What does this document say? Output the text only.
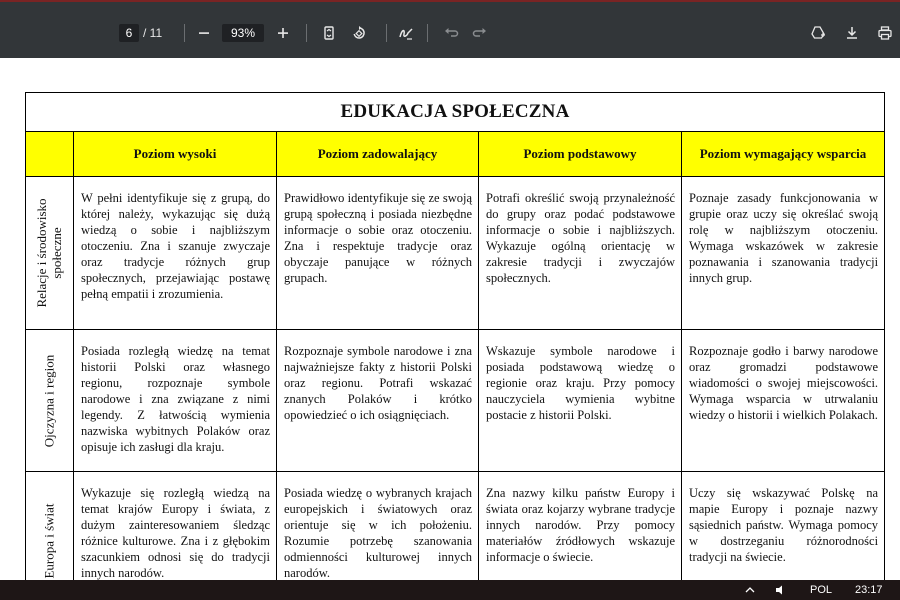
6 / 11	93%
EDUKACJA SPOŁECZNA				
	Poziom wysoki	Poziom zadowalający	Poziom podstawowy	Poziom wymagający wsparcia

Relacje i środowisko społeczne	W pełni identyfikuje się z grupą, do której należy, wykazując się dużą wiedzą o sobie i najbliższym otoczeniu. Zna i szanuje zwyczaje oraz tradycje różnych grup społecznych, przejawiając postawę pełną empatii i zrozumienia.	Prawidłowo identyfikuje się ze swoją grupą społeczną i posiada niezbędne informacje o sobie oraz otoczeniu. Zna i respektuje tradycje oraz obyczaje panujące w różnych grupach.	Potrafi określić swoją przynależność do grupy oraz podać podstawowe informacje o sobie i najbliższych. Wykazuje ogólną orientację w zakresie tradycji i zwyczajów społecznych.	Poznaje zasady funkcjonowania w grupie oraz uczy się określać swoją rolę w najbliższym otoczeniu. Wymaga wskazówek w zakresie poznawania i szanowania tradycji innych grup.

Ojczyzna i region	Posiada rozległą wiedzę na temat historii Polski oraz własnego regionu, rozpoznaje symbole narodowe i zna związane z nimi legendy. Z łatwością wymienia nazwiska wybitnych Polaków oraz opisuje ich zasługi dla kraju.	Rozpoznaje symbole narodowe i zna najważniejsze fakty z historii Polski oraz regionu. Potrafi wskazać znanych Polaków i krótko opowiedzieć o ich osiągnięciach.	Wskazuje symbole narodowe i posiada podstawową wiedzę o regionie oraz kraju. Przy pomocy nauczyciela wymienia wybitne postacie z historii Polski.	Rozpoznaje godło i barwy narodowe oraz gromadzi podstawowe wiadomości o swojej miejscowości. Wymaga wsparcia w utrwalaniu wiedzy o historii i wielkich Polakach.

Europa i świat	Wykazuje się rozległą wiedzą na temat krajów Europy i świata, z dużym zainteresowaniem śledząc różnice kulturowe. Zna i z głębokim szacunkiem odnosi się do tradycji innych narodów.	Posiada wiedzę o wybranych krajach europejskich i światowych oraz orientuje się w ich położeniu. Rozumie potrzebę szanowania odmienności kulturowej innych narodów.	Zna nazwy kilku państw Europy i świata oraz kojarzy wybrane tradycje innych narodów. Przy pomocy materiałów źródłowych wskazuje informacje o świecie.	Uczy się wskazywać Polskę na mapie Europy i poznaje nazwy sąsiednich państw. Wymaga pomocy w dostrzeganiu różnorodności tradycji na świecie.
POL 23:17
